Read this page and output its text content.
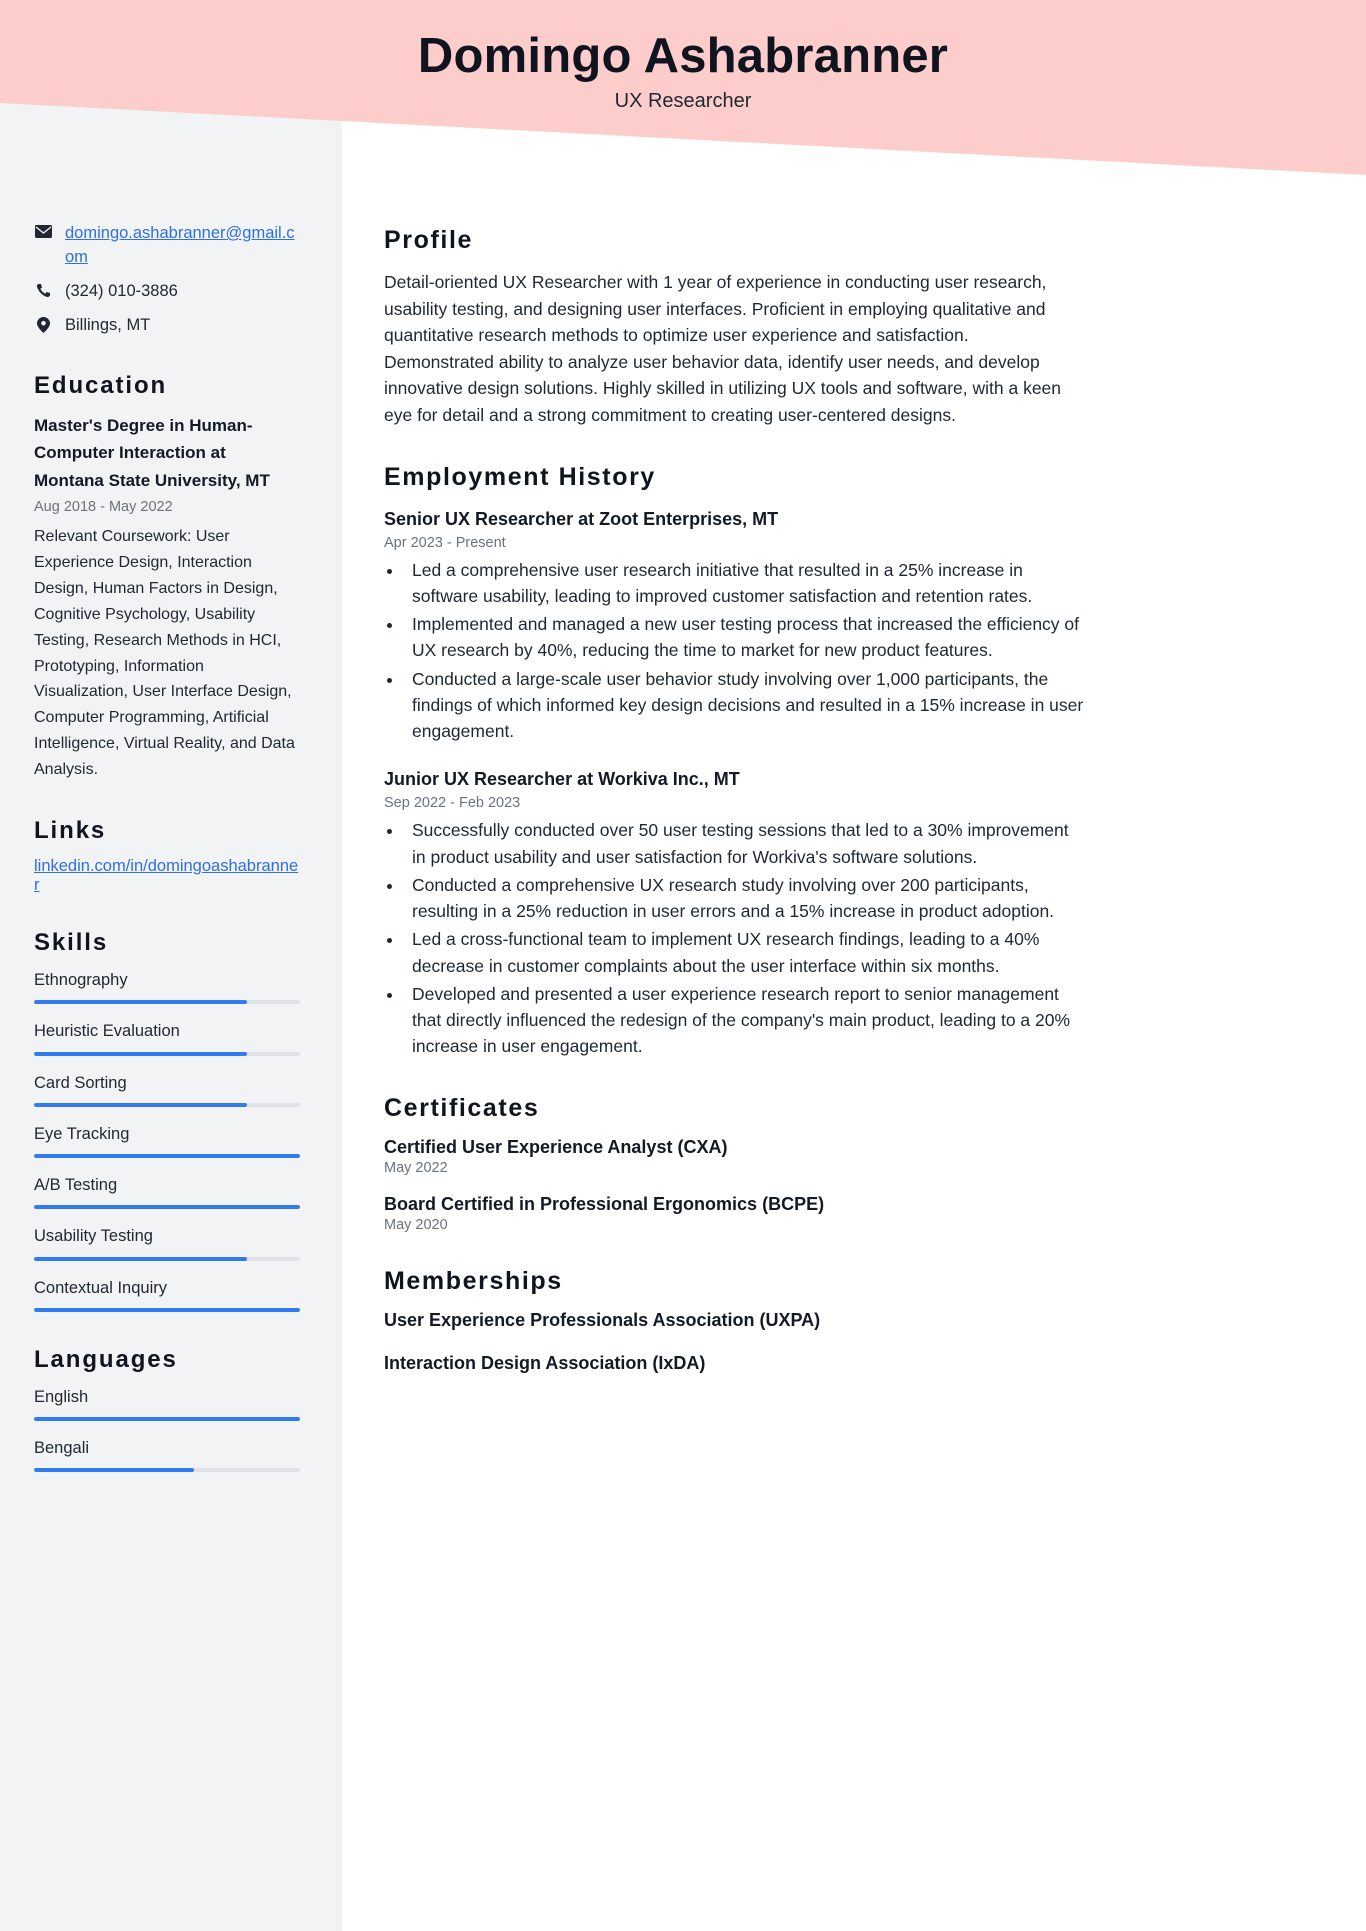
Domingo Ashabranner
UX Researcher
domingo.ashabranner@gmail.com
(324) 010-3886
Billings, MT
Education
Master's Degree in Human-Computer Interaction at Montana State University, MT
Aug 2018 - May 2022
Relevant Coursework: User Experience Design, Interaction Design, Human Factors in Design, Cognitive Psychology, Usability Testing, Research Methods in HCI, Prototyping, Information Visualization, User Interface Design, Computer Programming, Artificial Intelligence, Virtual Reality, and Data Analysis.
Links
linkedin.com/in/domingoashabranner
Skills
Ethnography
Heuristic Evaluation
Card Sorting
Eye Tracking
A/B Testing
Usability Testing
Contextual Inquiry
Languages
English
Bengali
Profile

Detail-oriented UX Researcher with 1 year of experience in conducting user research, usability testing, and designing user interfaces. Proficient in employing qualitative and quantitative research methods to optimize user experience and satisfaction. Demonstrated ability to analyze user behavior data, identify user needs, and develop innovative design solutions. Highly skilled in utilizing UX tools and software, with a keen eye for detail and a strong commitment to creating user-centered designs.

Employment History
Senior UX Researcher at Zoot Enterprises, MT
Apr 2023 - Present
• Led a comprehensive user research initiative that resulted in a 25% increase in software usability, leading to improved customer satisfaction and retention rates.
• Implemented and managed a new user testing process that increased the efficiency of UX research by 40%, reducing the time to market for new product features.
• Conducted a large-scale user behavior study involving over 1,000 participants, the findings of which informed key design decisions and resulted in a 15% increase in user engagement.
Junior UX Researcher at Workiva Inc., MT
Sep 2022 - Feb 2023
• Successfully conducted over 50 user testing sessions that led to a 30% improvement in product usability and user satisfaction for Workiva's software solutions.
• Conducted a comprehensive UX research study involving over 200 participants, resulting in a 25% reduction in user errors and a 15% increase in product adoption.
• Led a cross-functional team to implement UX research findings, leading to a 40% decrease in customer complaints about the user interface within six months.
• Developed and presented a user experience research report to senior management that directly influenced the redesign of the company's main product, leading to a 20% increase in user engagement.
Certificates
Certified User Experience Analyst (CXA)
May 2022
Board Certified in Professional Ergonomics (BCPE)
May 2020
Memberships
User Experience Professionals Association (UXPA)
Interaction Design Association (IxDA)
